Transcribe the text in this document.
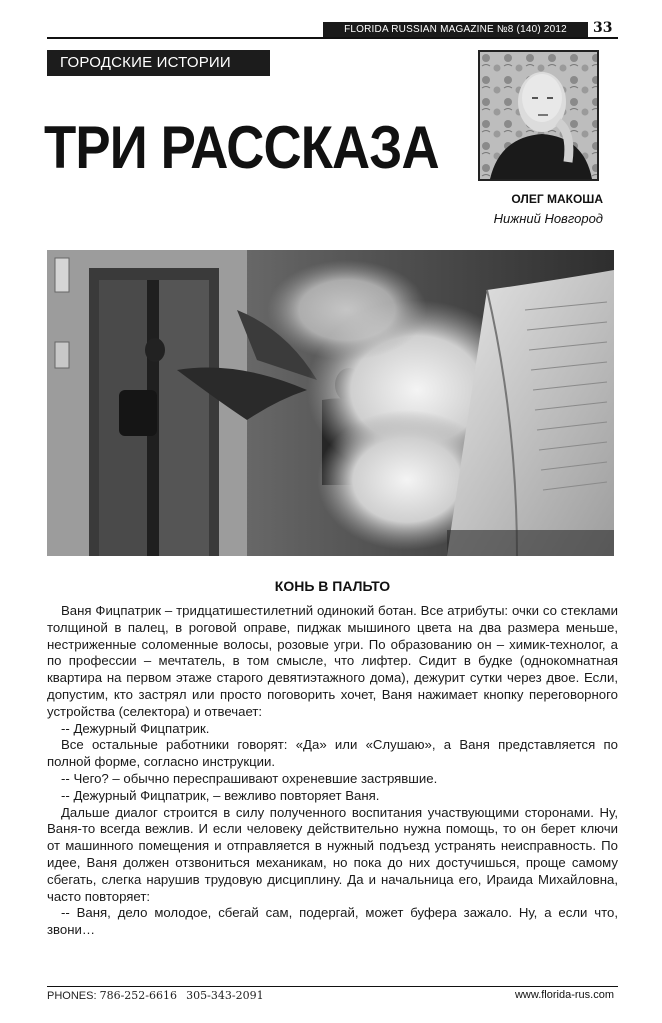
FLORIDA RUSSIAN MAGAZINE №8 (140) 2012	33
ГОРОДСКИЕ ИСТОРИИ
ТРИ РАССКАЗА
ОЛЕГ МАКОША
Нижний Новгород
КОНЬ В ПАЛЬТО

Ваня Фицпатрик – тридцатишестилетний одинокий ботан. Все атрибуты: очки со стеклами толщиной в палец, в роговой оправе, пиджак мышиного цвета на два размера меньше, нестриженные соломенные волосы, розовые угри. По образованию он – химик-технолог, а по профессии – мечтатель, в том смысле, что лифтер. Сидит в будке (однокомнатная квартира на первом этаже старого девятиэтажного дома), дежурит сутки через двое. Если, допустим, кто застрял или просто поговорить хочет, Ваня нажимает кнопку переговорного устройства (селектора) и отвечает:

-- Дежурный Фицпатрик.

Все остальные работники говорят: «Да» или «Слушаю», а Ваня представляется по полной форме, согласно инструкции.

-- Чего? – обычно переспрашивают охреневшие застрявшие.

-- Дежурный Фицпатрик, – вежливо повторяет Ваня.

Дальше диалог строится в силу полученного воспитания участвующими сторонами. Ну, Ваня-то всегда вежлив. И если человеку действительно нужна помощь, то он берет ключи от машинного помещения и отправляется в нужный подъезд устранять неисправность. По идее, Ваня должен отзвониться механикам, но пока до них достучишься, проще самому сбегать, слегка нарушив трудовую дисциплину. Да и начальница его, Ираида Михайловна, часто повторяет:

-- Ваня, дело молодое, сбегай сам, подергай, может буфера зажало. Ну, а если что, звони…

PHONES: 786-252-6616 305-343-2091	www.florida-rus.com
